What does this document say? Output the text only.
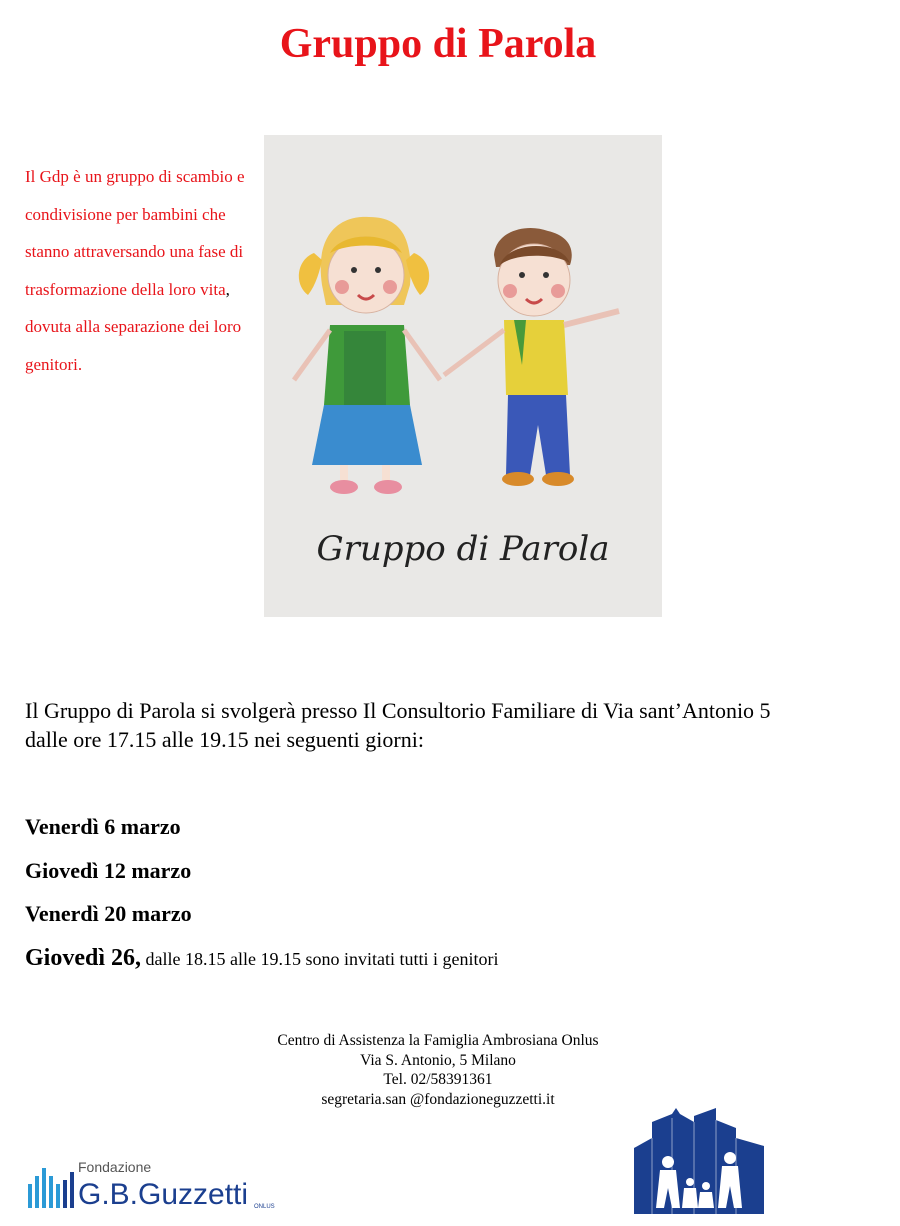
Gruppo di Parola
Il Gdp è un gruppo di scambio e condivisione per bambini che stanno attraversando una fase di trasformazione della loro vita, dovuta alla separazione dei loro genitori.
Gruppo di Parola
Il Gruppo di Parola si svolgerà presso Il Consultorio Familiare di Via sant’Antonio 5
dalle ore 17.15 alle 19.15 nei seguenti giorni:
Venerdì 6 marzo
Giovedì 12 marzo
Venerdì 20 marzo
Giovedì 26, dalle 18.15 alle 19.15 sono invitati tutti i genitori
Centro di Assistenza la Famiglia Ambrosiana Onlus
Via S. Antonio, 5 Milano
Tel. 02/58391361
segretaria.san @fondazioneguzzetti.it
Fondazione
G.B.Guzzetti ONLUS
